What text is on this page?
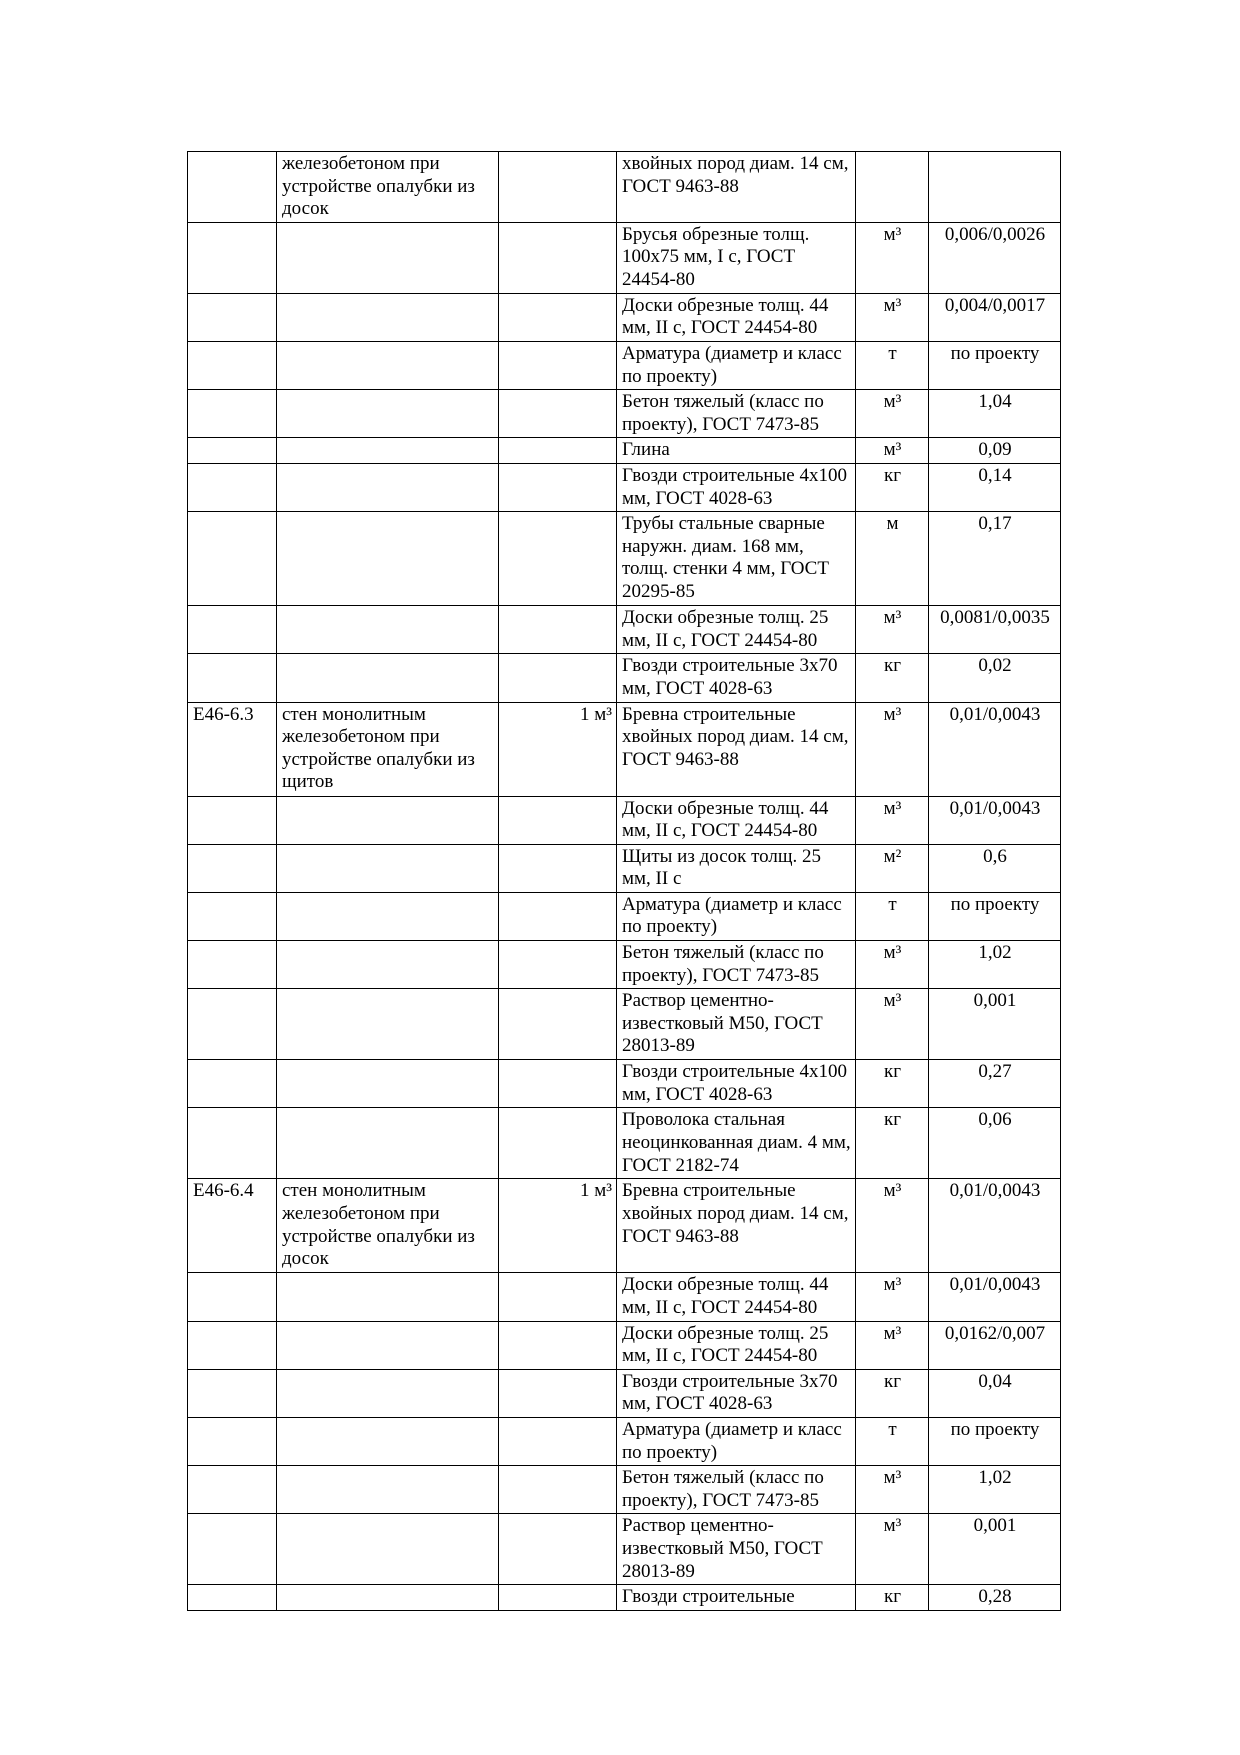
	железобетоном при устройстве опалубки из досок		хвойных пород диам. 14 см, ГОСТ 9463-88		
			Брусья обрезные толщ. 100х75 мм, I с, ГОСТ 24454-80	м³	0,006/0,0026
			Доски обрезные толщ. 44 мм, II с, ГОСТ 24454-80	м³	0,004/0,0017
			Арматура (диаметр и класс по проекту)	т	по проекту
			Бетон тяжелый (класс по проекту), ГОСТ 7473-85	м³	1,04
			Глина	м³	0,09
			Гвозди строительные 4х100 мм, ГОСТ 4028-63	кг	0,14
			Трубы стальные сварные наружн. диам. 168 мм, толщ. стенки 4 мм, ГОСТ 20295-85	м	0,17
			Доски обрезные толщ. 25 мм, II с, ГОСТ 24454-80	м³	0,0081/0,0035
			Гвозди строительные 3х70 мм, ГОСТ 4028-63	кг	0,02
Е46-6.3	стен монолитным железобетоном при устройстве опалубки из щитов	1 м³	Бревна строительные хвойных пород диам. 14 см, ГОСТ 9463-88	м³	0,01/0,0043
			Доски обрезные толщ. 44 мм, II с, ГОСТ 24454-80	м³	0,01/0,0043
			Щиты из досок толщ. 25 мм, II с	м²	0,6
			Арматура (диаметр и класс по проекту)	т	по проекту
			Бетон тяжелый (класс по проекту), ГОСТ 7473-85	м³	1,02
			Раствор цементно-известковый М50, ГОСТ 28013-89	м³	0,001
			Гвозди строительные 4х100 мм, ГОСТ 4028-63	кг	0,27
			Проволока стальная неоцинкованная диам. 4 мм, ГОСТ 2182-74	кг	0,06
Е46-6.4	стен монолитным железобетоном при устройстве опалубки из досок	1 м³	Бревна строительные хвойных пород диам. 14 см, ГОСТ 9463-88	м³	0,01/0,0043
			Доски обрезные толщ. 44 мм, II с, ГОСТ 24454-80	м³	0,01/0,0043
			Доски обрезные толщ. 25 мм, II с, ГОСТ 24454-80	м³	0,0162/0,007
			Гвозди строительные 3х70 мм, ГОСТ 4028-63	кг	0,04
			Арматура (диаметр и класс по проекту)	т	по проекту
			Бетон тяжелый (класс по проекту), ГОСТ 7473-85	м³	1,02
			Раствор цементно-известковый М50, ГОСТ 28013-89	м³	0,001
			Гвозди строительные	кг	0,28
